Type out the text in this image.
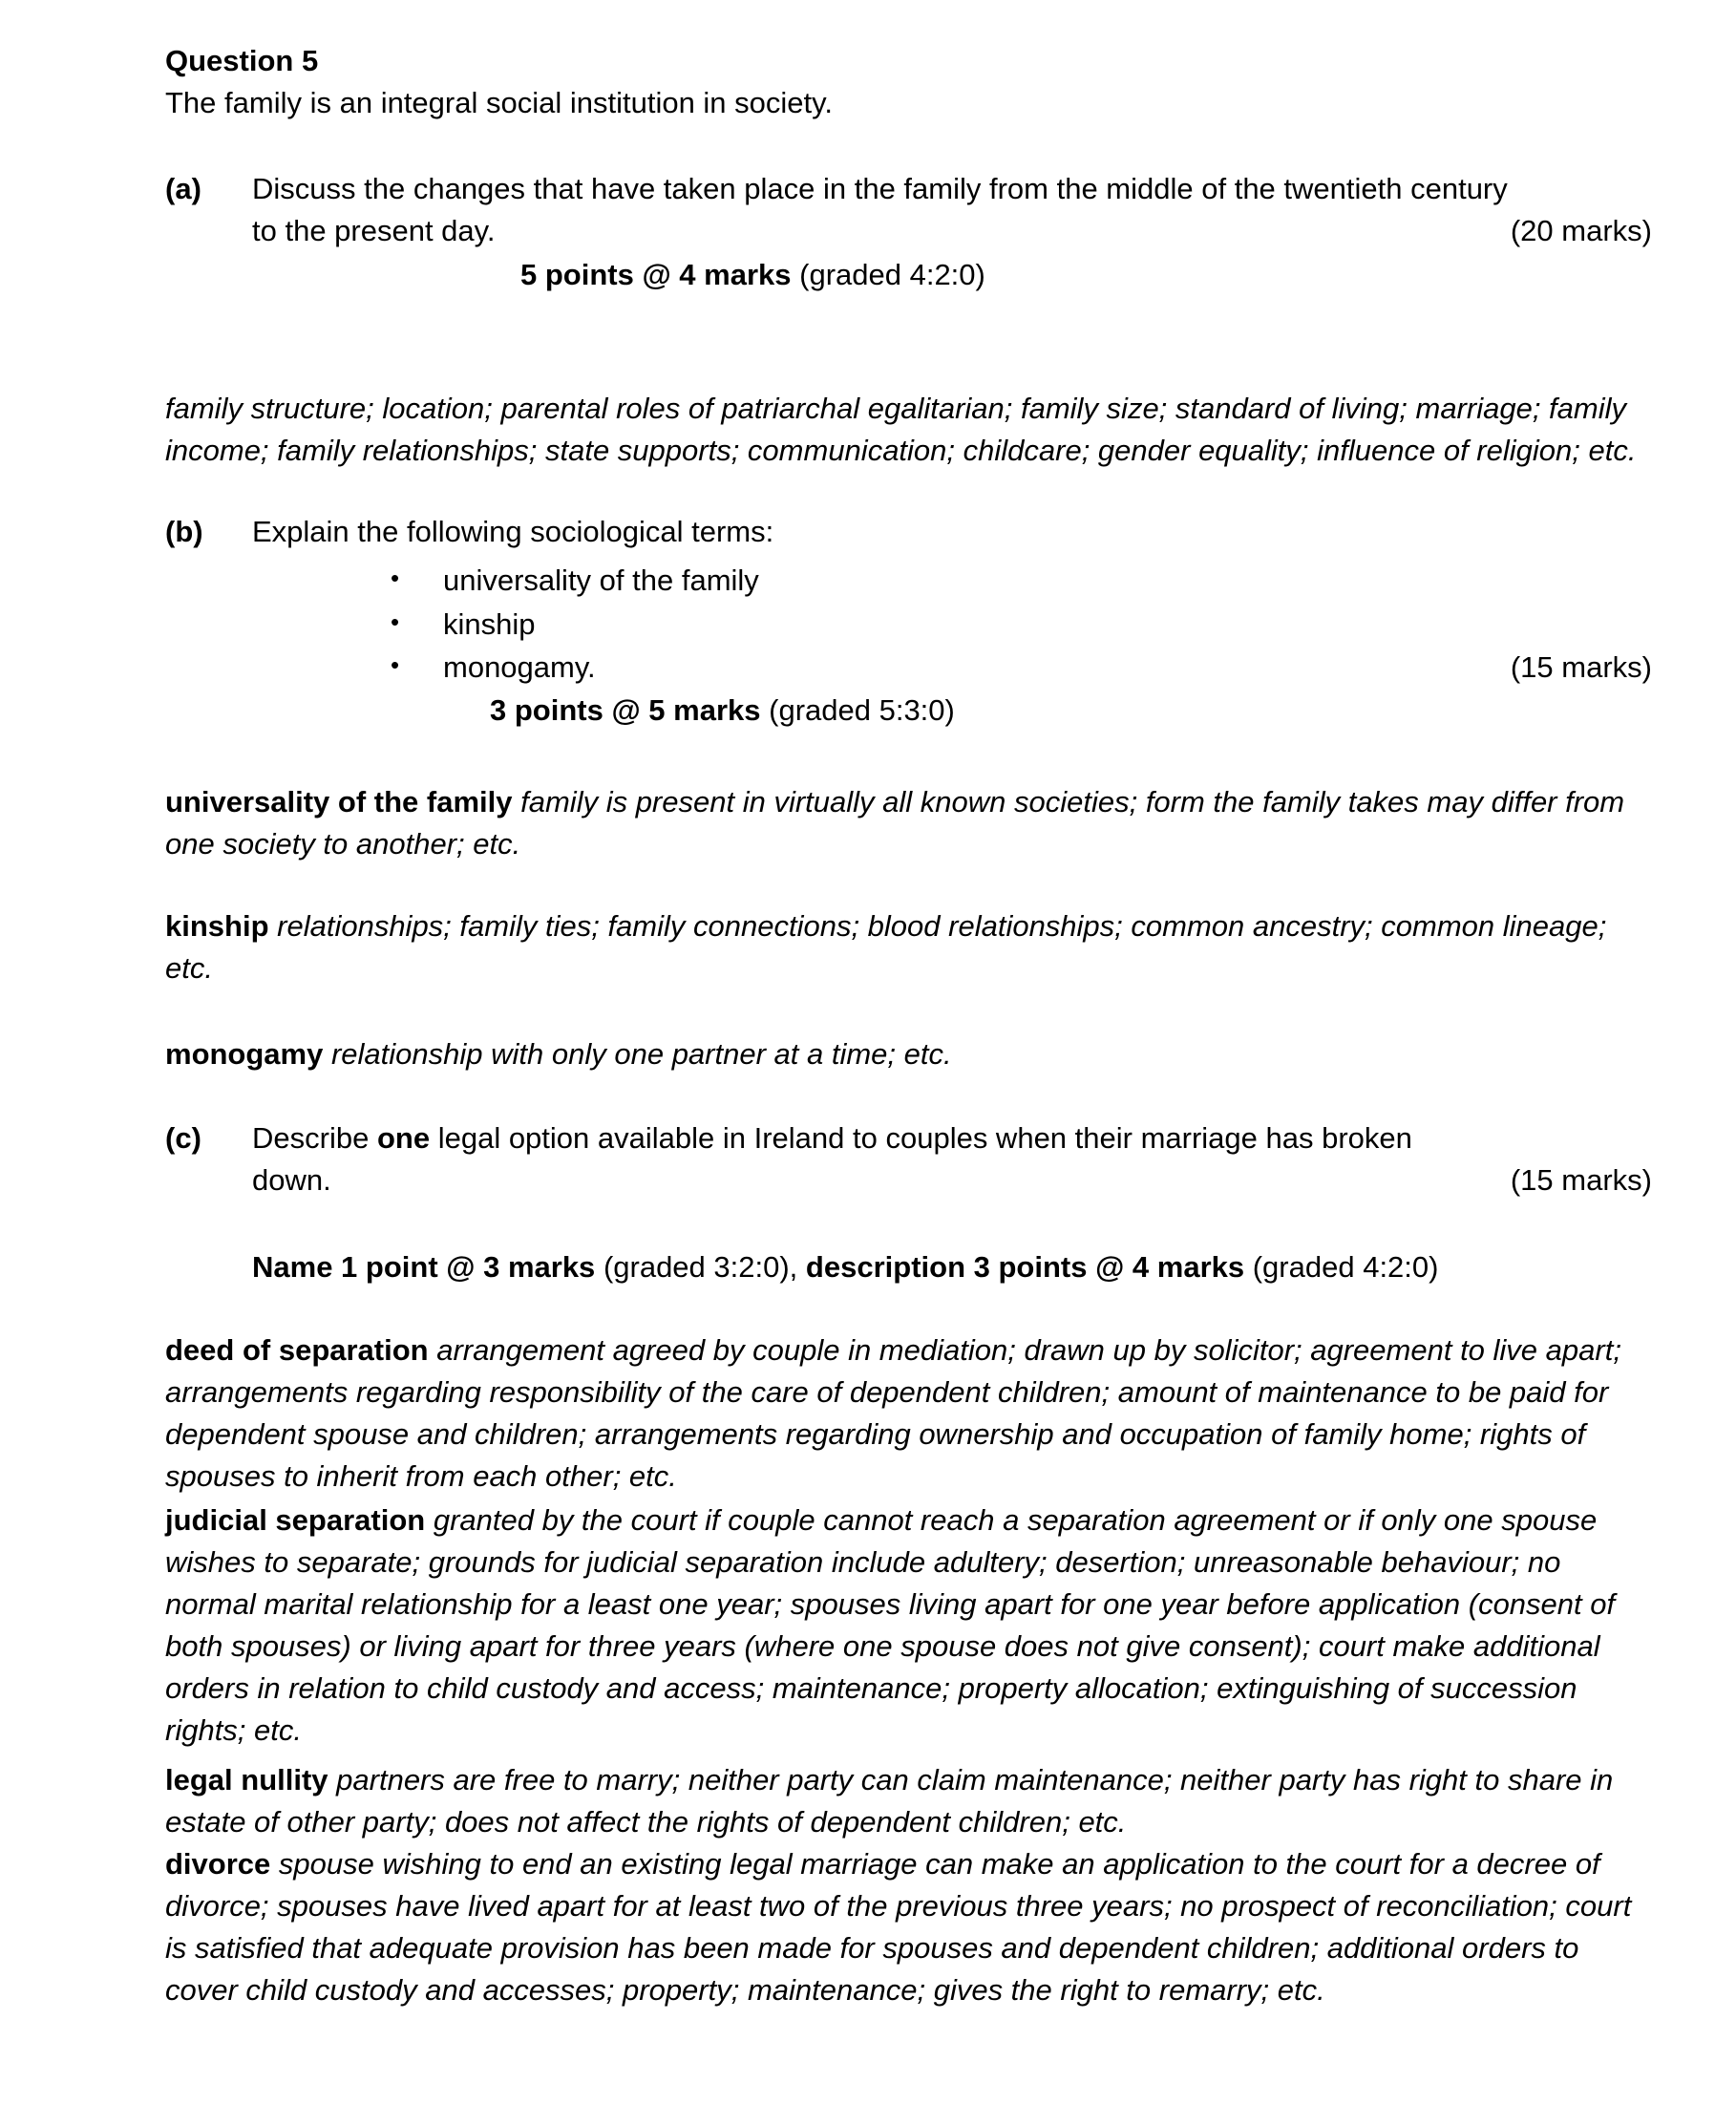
Question 5

The family is an integral social institution in society.

(a) Discuss the changes that have taken place in the family from the middle of the twentieth century
to the present day.	(20 marks)

5 points @ 4 marks (graded 4:2:0)

family structure; location; parental roles of patriarchal egalitarian; family size; standard of living; marriage; family income; family relationships; state supports; communication; childcare; gender equality; influence of religion; etc.

(b) Explain the following sociological terms:
• universality of the family
• kinship
• monogamy.	(15 marks)

3 points @ 5 marks (graded 5:3:0)

universality of the family family is present in virtually all known societies; form the family takes may differ from one society to another; etc.

kinship relationships; family ties; family connections; blood relationships; common ancestry; common lineage; etc.

monogamy relationship with only one partner at a time; etc.

(c) Describe one legal option available in Ireland to couples when their marriage has broken
down.	(15 marks)

Name 1 point @ 3 marks (graded 3:2:0), description 3 points @ 4 marks (graded 4:2:0)

deed of separation arrangement agreed by couple in mediation; drawn up by solicitor; agreement to live apart; arrangements regarding responsibility of the care of dependent children; amount of maintenance to be paid for dependent spouse and children; arrangements regarding ownership and occupation of family home; rights of spouses to inherit from each other; etc.

judicial separation granted by the court if couple cannot reach a separation agreement or if only one spouse wishes to separate; grounds for judicial separation include adultery; desertion; unreasonable behaviour; no normal marital relationship for a least one year; spouses living apart for one year before application (consent of both spouses) or living apart for three years (where one spouse does not give consent); court make additional orders in relation to child custody and access; maintenance; property allocation; extinguishing of succession rights; etc.

legal nullity partners are free to marry; neither party can claim maintenance; neither party has right to share in estate of other party; does not affect the rights of dependent children; etc.

divorce spouse wishing to end an existing legal marriage can make an application to the court for a decree of divorce; spouses have lived apart for at least two of the previous three years; no prospect of reconciliation; court is satisfied that adequate provision has been made for spouses and dependent children; additional orders to cover child custody and accesses; property; maintenance; gives the right to remarry; etc.
